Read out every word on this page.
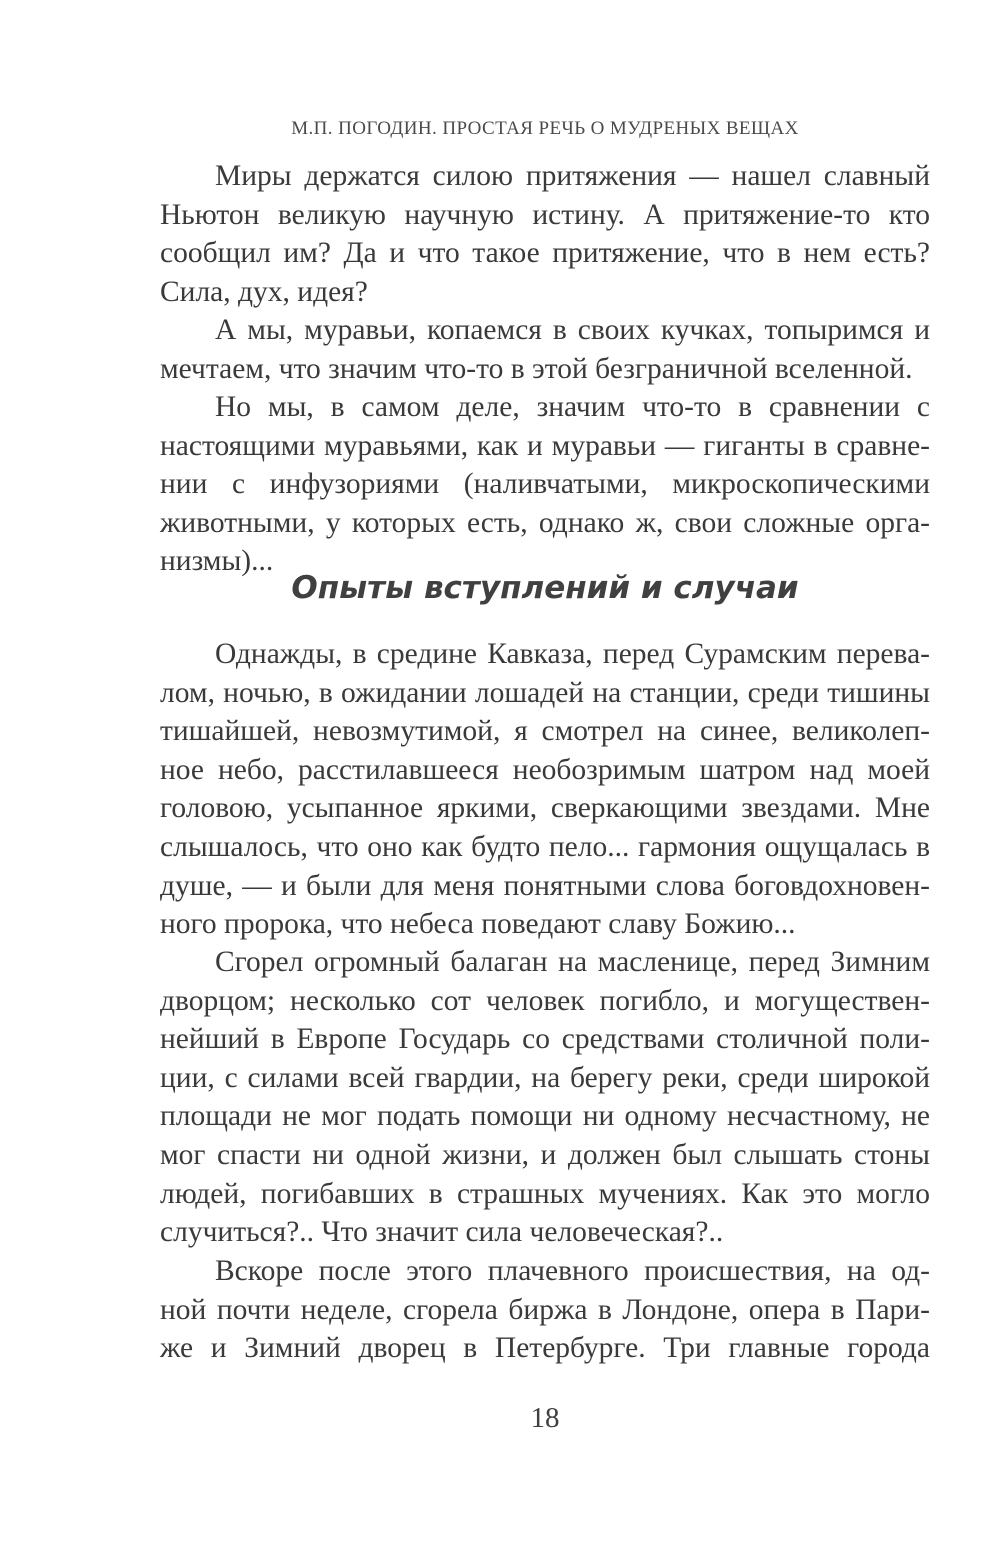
М.П. ПОГОДИН. ПРОСТАЯ РЕЧЬ О МУДРЕНЫХ ВЕЩАХ
Миры держатся силою притяжения — нашел славный
Ньютон великую научную истину. А притяжение-то кто
сообщил им? Да и что такое притяжение, что в нем есть?
Сила, дух, идея?
А мы, муравьи, копаемся в своих кучках, топыримся и
мечтаем, что значим что-то в этой безграничной вселенной.
Но мы, в самом деле, значим что-то в сравнении с
настоящими муравьями, как и муравьи — гиганты в сравне-
нии с инфузориями (наливчатыми, микроскопическими
животными, у которых есть, однако ж, свои сложные орга-
низмы)...
Опыты вступлений и случаи
Однажды, в средине Кавказа, перед Сурамским перева-
лом, ночью, в ожидании лошадей на станции, среди тишины
тишайшей, невозмутимой, я смотрел на синее, великолеп-
ное небо, расстилавшееся необозримым шатром над моей
головою, усыпанное яркими, сверкающими звездами. Мне
слышалось, что оно как будто пело... гармония ощущалась в
душе, — и были для меня понятными слова боговдохновен-
ного пророка, что небеса поведают славу Божию...
Сгорел огромный балаган на масленице, перед Зимним
дворцом; несколько сот человек погибло, и могуществен-
нейший в Европе Государь со средствами столичной поли-
ции, с силами всей гвардии, на берегу реки, среди широкой
площади не мог подать помощи ни одному несчастному, не
мог спасти ни одной жизни, и должен был слышать стоны
людей, погибавших в страшных мучениях. Как это могло
случиться?.. Что значит сила человеческая?..
Вскоре после этого плачевного происшествия, на од-
ной почти неделе, сгорела биржа в Лондоне, опера в Пари-
же и Зимний дворец в Петербурге. Три главные города
18
